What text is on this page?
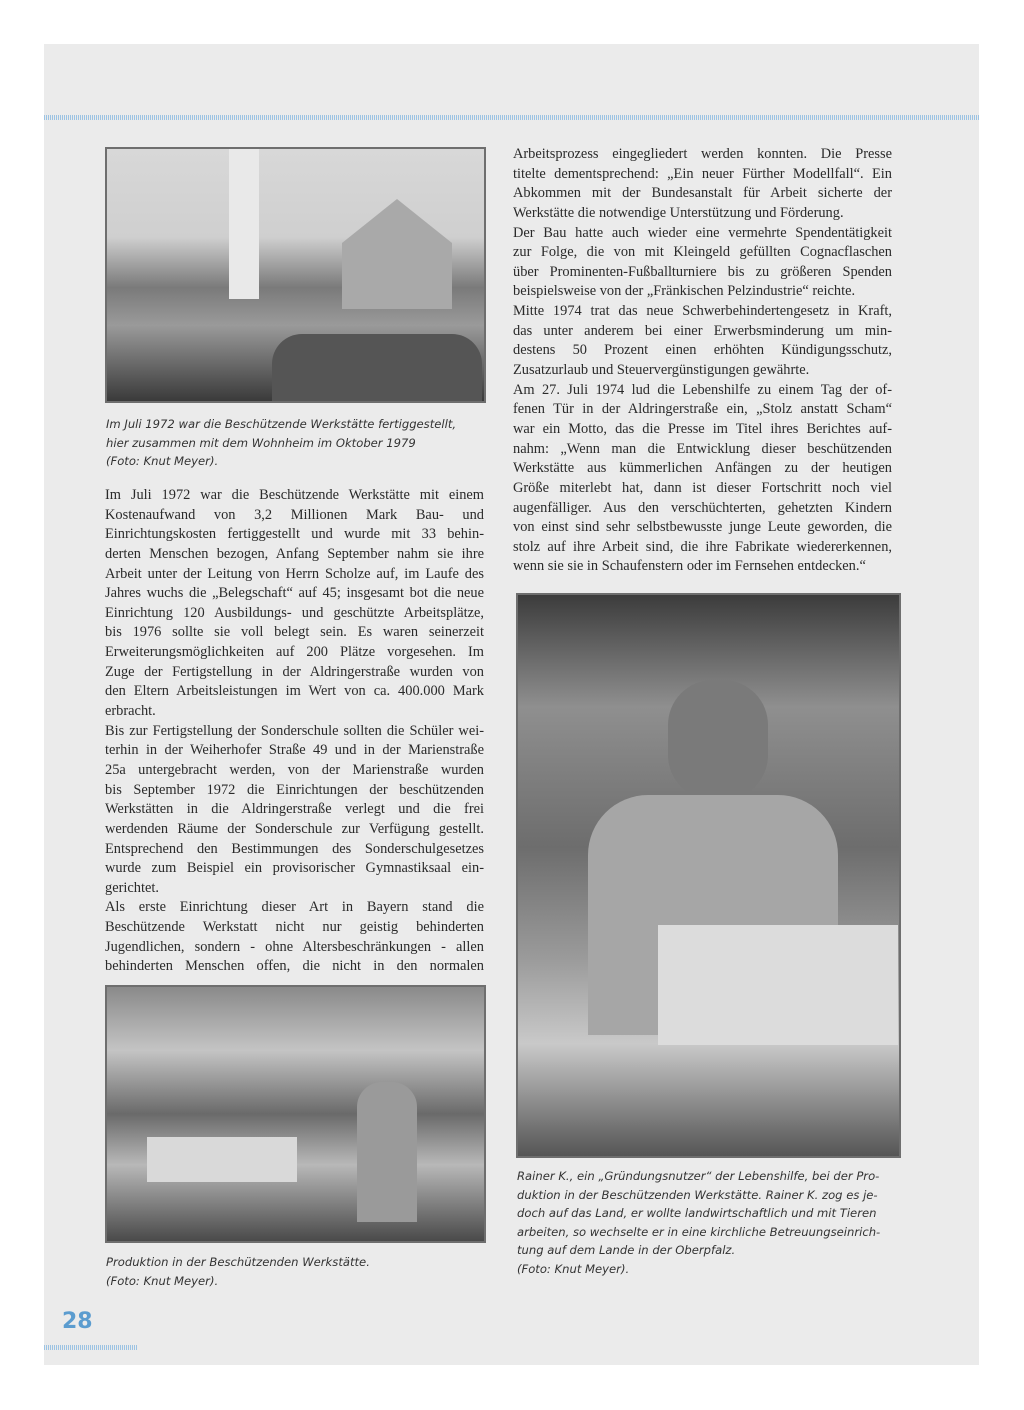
Im Juli 1972 war die Beschützende Werkstätte fertiggestellt,
hier zusammen mit dem Wohnheim im Oktober 1979
(Foto: Knut Meyer).
Im Juli 1972 war die Beschützende Werkstätte mit einem
Kostenaufwand von 3,2 Millionen Mark Bau- und
Einrichtungskosten fertiggestellt und wurde mit 33 behin-
derten Menschen bezogen, Anfang September nahm sie ihre
Arbeit unter der Leitung von Herrn Scholze auf, im Laufe des
Jahres wuchs die „Belegschaft“ auf 45; insgesamt bot die neue
Einrichtung 120 Ausbildungs- und geschützte Arbeitsplätze,
bis 1976 sollte sie voll belegt sein. Es waren seinerzeit
Erweiterungsmöglichkeiten auf 200 Plätze vorgesehen. Im
Zuge der Fertigstellung in der Aldringerstraße wurden von
den Eltern Arbeitsleistungen im Wert von ca. 400.000 Mark
erbracht.
Bis zur Fertigstellung der Sonderschule sollten die Schüler wei-
terhin in der Weiherhofer Straße 49 und in der Marienstraße
25a untergebracht werden, von der Marienstraße wurden
bis September 1972 die Einrichtungen der beschützenden
Werkstätten in die Aldringerstraße verlegt und die frei
werdenden Räume der Sonderschule zur Verfügung gestellt.
Entsprechend den Bestimmungen des Sonderschulgesetzes
wurde zum Beispiel ein provisorischer Gymnastiksaal ein-
gerichtet.
Als erste Einrichtung dieser Art in Bayern stand die
Beschützende Werkstatt nicht nur geistig behinderten
Jugendlichen, sondern - ohne Altersbeschränkungen - allen
behinderten Menschen offen, die nicht in den normalen
Produktion in der Beschützenden Werkstätte.
(Foto: Knut Meyer).
Arbeitsprozess eingegliedert werden konnten. Die Presse
titelte dementsprechend: „Ein neuer Fürther Modellfall“. Ein
Abkommen mit der Bundesanstalt für Arbeit sicherte der
Werkstätte die notwendige Unterstützung und Förderung.
Der Bau hatte auch wieder eine vermehrte Spendentätigkeit
zur Folge, die von mit Kleingeld gefüllten Cognacflaschen
über Prominenten-Fußballturniere bis zu größeren Spenden
beispielsweise von der „Fränkischen Pelzindustrie“ reichte.
Mitte 1974 trat das neue Schwerbehindertengesetz in Kraft,
das unter anderem bei einer Erwerbsminderung um min-
destens 50 Prozent einen erhöhten Kündigungsschutz,
Zusatzurlaub und Steuervergünstigungen gewährte.
Am 27. Juli 1974 lud die Lebenshilfe zu einem Tag der of-
fenen Tür in der Aldringerstraße ein, „Stolz anstatt Scham“
war ein Motto, das die Presse im Titel ihres Berichtes auf-
nahm: „Wenn man die Entwicklung dieser beschützenden
Werkstätte aus kümmerlichen Anfängen zu der heutigen
Größe miterlebt hat, dann ist dieser Fortschritt noch viel
augenfälliger. Aus den verschüchterten, gehetzten Kindern
von einst sind sehr selbstbewusste junge Leute geworden, die
stolz auf ihre Arbeit sind, die ihre Fabrikate wiedererkennen,
wenn sie sie in Schaufenstern oder im Fernsehen entdecken.“
Rainer K., ein „Gründungsnutzer“ der Lebenshilfe, bei der Pro-
duktion in der Beschützenden Werkstätte. Rainer K. zog es je-
doch auf das Land, er wollte landwirtschaftlich und mit Tieren
arbeiten, so wechselte er in eine kirchliche Betreuungseinrich-
tung auf dem Lande in der Oberpfalz.
(Foto: Knut Meyer).
28
